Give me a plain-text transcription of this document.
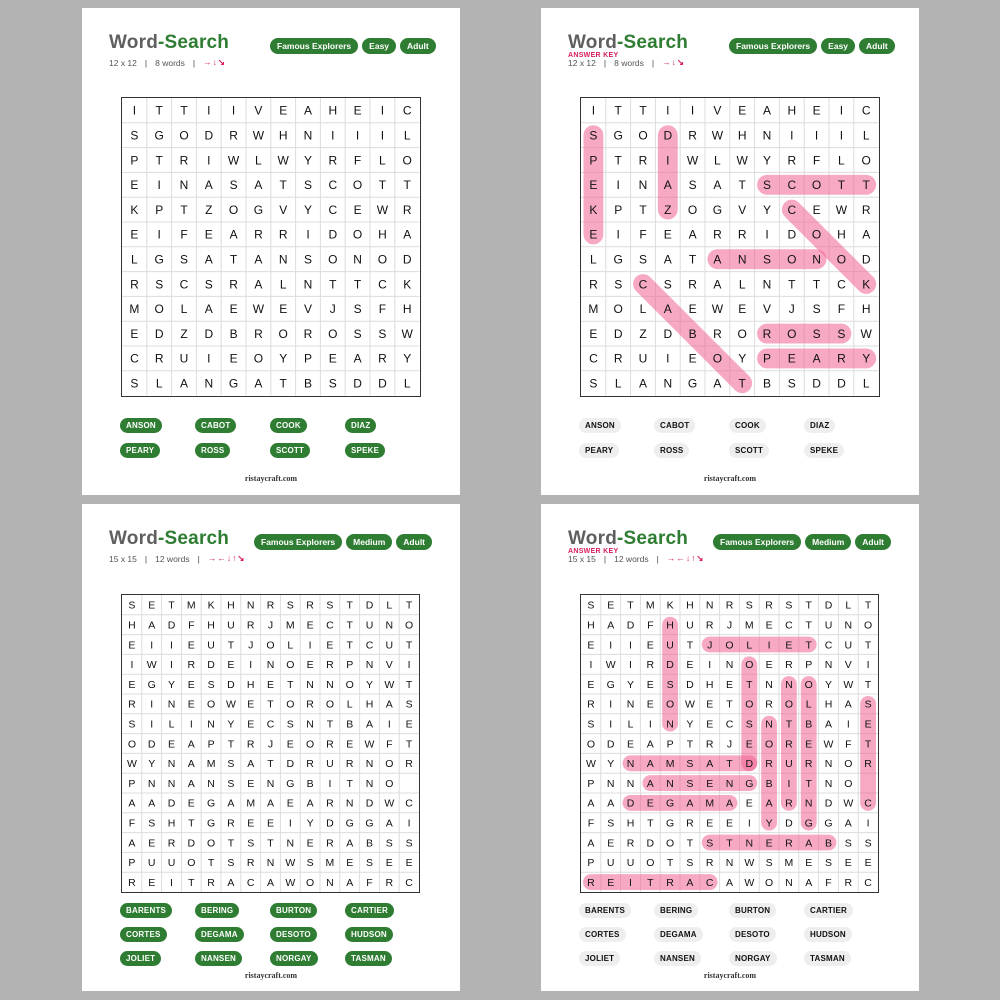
Word-Search	Famous Explorers	Easy	Adult
12 x 12 | 8 words | →↓↘
I T T I I V E A H E I C
S G O D R W H N I I I L
P T R I W L W Y R F L O
E I N A S A T S C O T T
K P T Z O G V Y C E W R
E I F E A R R I D O H A
L G S A T A N S O N O D
R S C S R A L N T T C K
M O L A E W E V J S F H
E D Z D B R O R O S S W
C R U I E O Y P E A R Y
S L A N G A T B S D D L
ANSON	CABOT	COOK	DIAZ
PEARY	ROSS	SCOTT	SPEKE
ristaycraft.com
Word-Search	Famous Explorers	Easy	Adult
ANSWER KEY
12 x 12 | 8 words | →↓↘
I T T I I V E A H E I C
S G O D R W H N I I I L
P T R I W L W Y R F L O
E I N A S A T S C O T T
K P T Z O G V Y C E W R
E I F E A R R I D O H A
L G S A T A N S O N O D
R S C S R A L N T T C K
M O L A E W E V J S F H
E D Z D B R O R O S S W
C R U I E O Y P E A R Y
S L A N G A T B S D D L
ANSON	CABOT	COOK	DIAZ
PEARY	ROSS	SCOTT	SPEKE
ristaycraft.com
Word-Search	Famous Explorers	Medium	Adult
15 x 15 | 12 words | →←↓↑↘
S E T M K H N R S R S T D L T
H A D F H U R J M E C T U N O
E I I E U T J O L I E T C U T
I W I R D E I N O E R P N V I
E G Y E S D H E T N N O Y W T
R I N E O W E T O R O L H A S
S I L I N Y E C S N T B A I E
O D E A P T R J E O R E W F T
W Y N A M S A T D R U R N O R
P N N A N S E N G B I T N O
A A D E G A M A E A R N D W C
F S H T G R E E I Y D G G A I
A E R D O T S T N E R A B S S
P U U O T S R N W S M E S E E
R E I T R A C A W O N A F R C
BARENTS	BERING	BURTON	CARTIER
CORTES	DEGAMA	DESOTO	HUDSON
JOLIET	NANSEN	NORGAY	TASMAN
ristaycraft.com
Word-Search	Famous Explorers	Medium	Adult
ANSWER KEY
15 x 15 | 12 words | →←↓↑↘
S E T M K H N R S R S T D L T
H A D F H U R J M E C T U N O
E I I E U T J O L I E T C U T
I W I R D E I N O E R P N V I
E G Y E S D H E T N N O Y W T
R I N E O W E T O R O L H A S
S I L I N Y E C S N T B A I E
O D E A P T R J E O R E W F T
W Y N A M S A T D R U R N O R
P N N A N S E N G B I T N O
A A D E G A M A E A R N D W C
F S H T G R E E I Y D G G A I
A E R D O T S T N E R A B S S
P U U O T S R N W S M E S E E
R E I T R A C A W O N A F R C
BARENTS	BERING	BURTON	CARTIER
CORTES	DEGAMA	DESOTO	HUDSON
JOLIET	NANSEN	NORGAY	TASMAN
ristaycraft.com
